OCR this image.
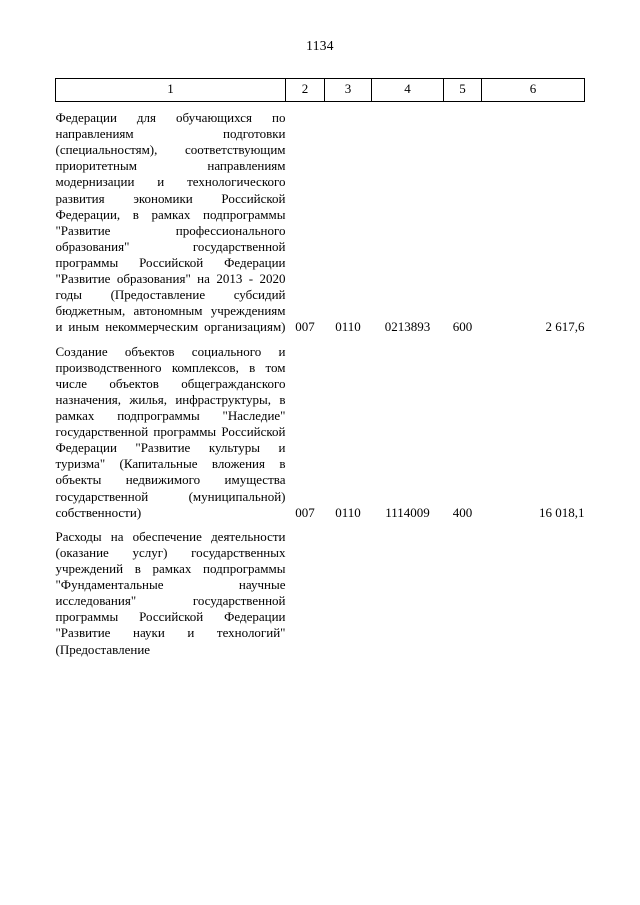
1134
1	2	3	4	5	6

Федерации для обучающихся по направлениям подготовки (специальностям), соответствующим приоритетным направлениям модернизации и технологического развития экономики Российской Федерации, в рамках подпрограммы "Развитие профессионального образования" государственной программы Российской Федерации "Развитие образования" на 2013 - 2020 годы (Предоставление субсидий бюджетным, автономным учреждениям и иным некоммерческим организациям)	007	0110	0213893	600	2 617,6

Создание объектов социального и производственного комплексов, в том числе объектов общегражданского назначения, жилья, инфраструктуры, в рамках подпрограммы "Наследие" государственной программы Российской Федерации "Развитие культуры и туризма" (Капитальные вложения в объекты недвижимого имущества государственной (муниципальной) собственности)	007	0110	1114009	400	16 018,1

Расходы на обеспечение деятельности (оказание услуг) государственных учреждений в рамках подпрограммы "Фундаментальные научные исследования" государственной программы Российской Федерации "Развитие науки и технологий" (Предоставление					
